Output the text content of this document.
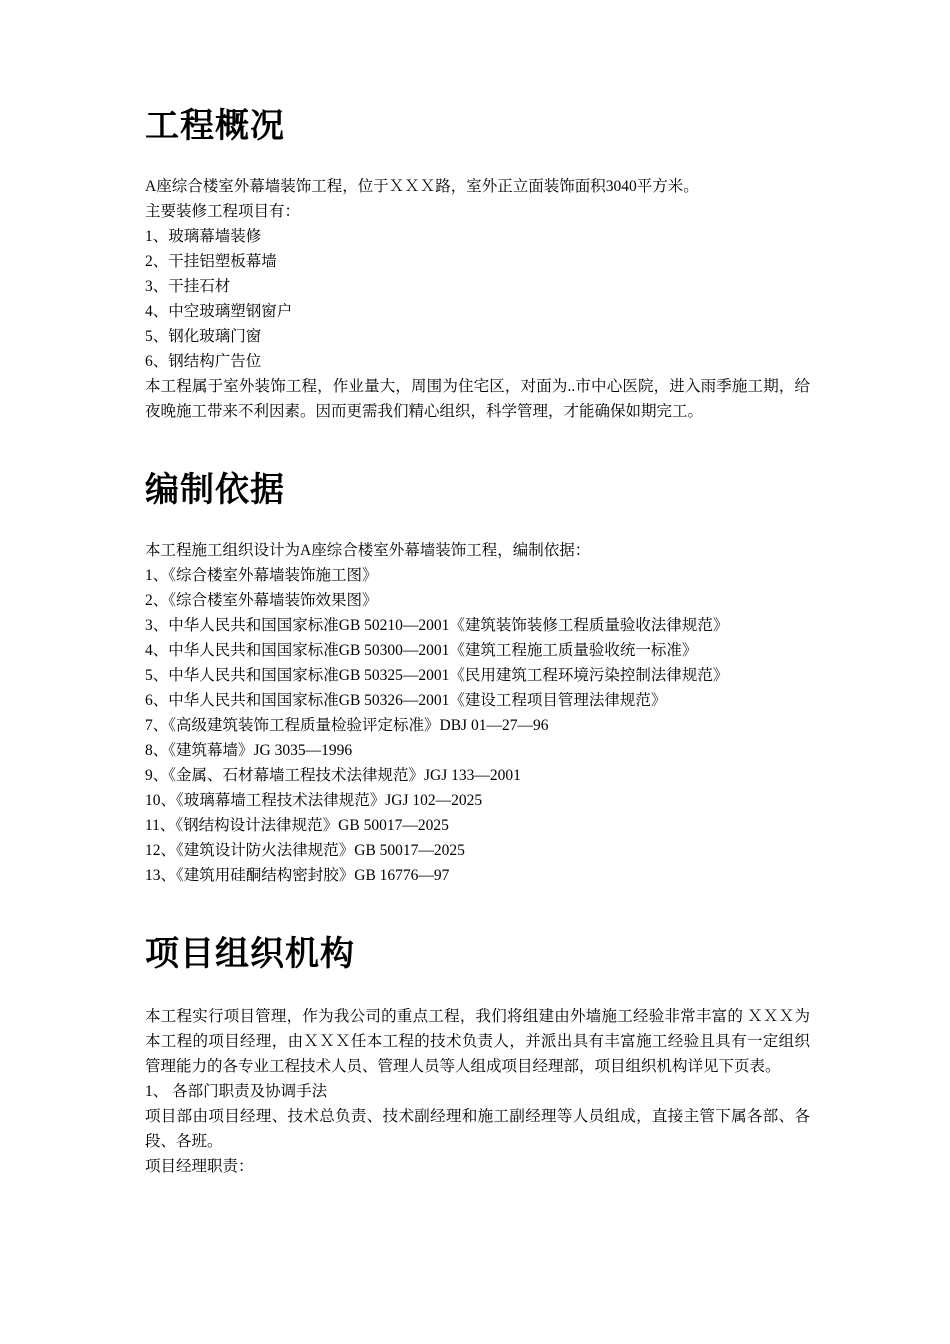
工程概况
A座综合楼室外幕墙装饰工程，位于ＸＸＸ路，室外正立面装饰面积3040平方米。
主要装修工程项目有：
1、玻璃幕墙装修
2、干挂铝塑板幕墙
3、干挂石材
4、中空玻璃塑钢窗户
5、钢化玻璃门窗
6、钢结构广告位
本工程属于室外装饰工程，作业量大，周围为住宅区，对面为..市中心医院，进入雨季施工期，给夜晚施工带来不利因素。因而更需我们精心组织，科学管理，才能确保如期完工。
编制依据
本工程施工组织设计为A座综合楼室外幕墙装饰工程，编制依据：
1、《综合楼室外幕墙装饰施工图》
2、《综合楼室外幕墙装饰效果图》
3、中华人民共和国国家标准GB 50210—2001《建筑装饰装修工程质量验收法律规范》
4、中华人民共和国国家标准GB 50300—2001《建筑工程施工质量验收统一标准》
5、中华人民共和国国家标准GB 50325—2001《民用建筑工程环境污染控制法律规范》
6、中华人民共和国国家标准GB 50326—2001《建设工程项目管理法律规范》
7、《高级建筑装饰工程质量检验评定标准》DBJ 01—27—96
8、《建筑幕墙》JG 3035—1996
9、《金属、石材幕墙工程技术法律规范》JGJ 133—2001
10、《玻璃幕墙工程技术法律规范》JGJ 102—2025
11、《钢结构设计法律规范》GB 50017—2025
12、《建筑设计防火法律规范》GB 50017—2025
13、《建筑用硅酮结构密封胶》GB 16776—97
项目组织机构
本工程实行项目管理，作为我公司的重点工程，我们将组建由外墙施工经验非常丰富的 ＸＸＸ为本工程的项目经理，由ＸＸＸ任本工程的技术负责人，并派出具有丰富施工经验且具有一定组织管理能力的各专业工程技术人员、管理人员等人组成项目经理部，项目组织机构详见下页表。
1、 各部门职责及协调手法
项目部由项目经理、技术总负责、技术副经理和施工副经理等人员组成，直接主管下属各部、各段、各班。
项目经理职责：
